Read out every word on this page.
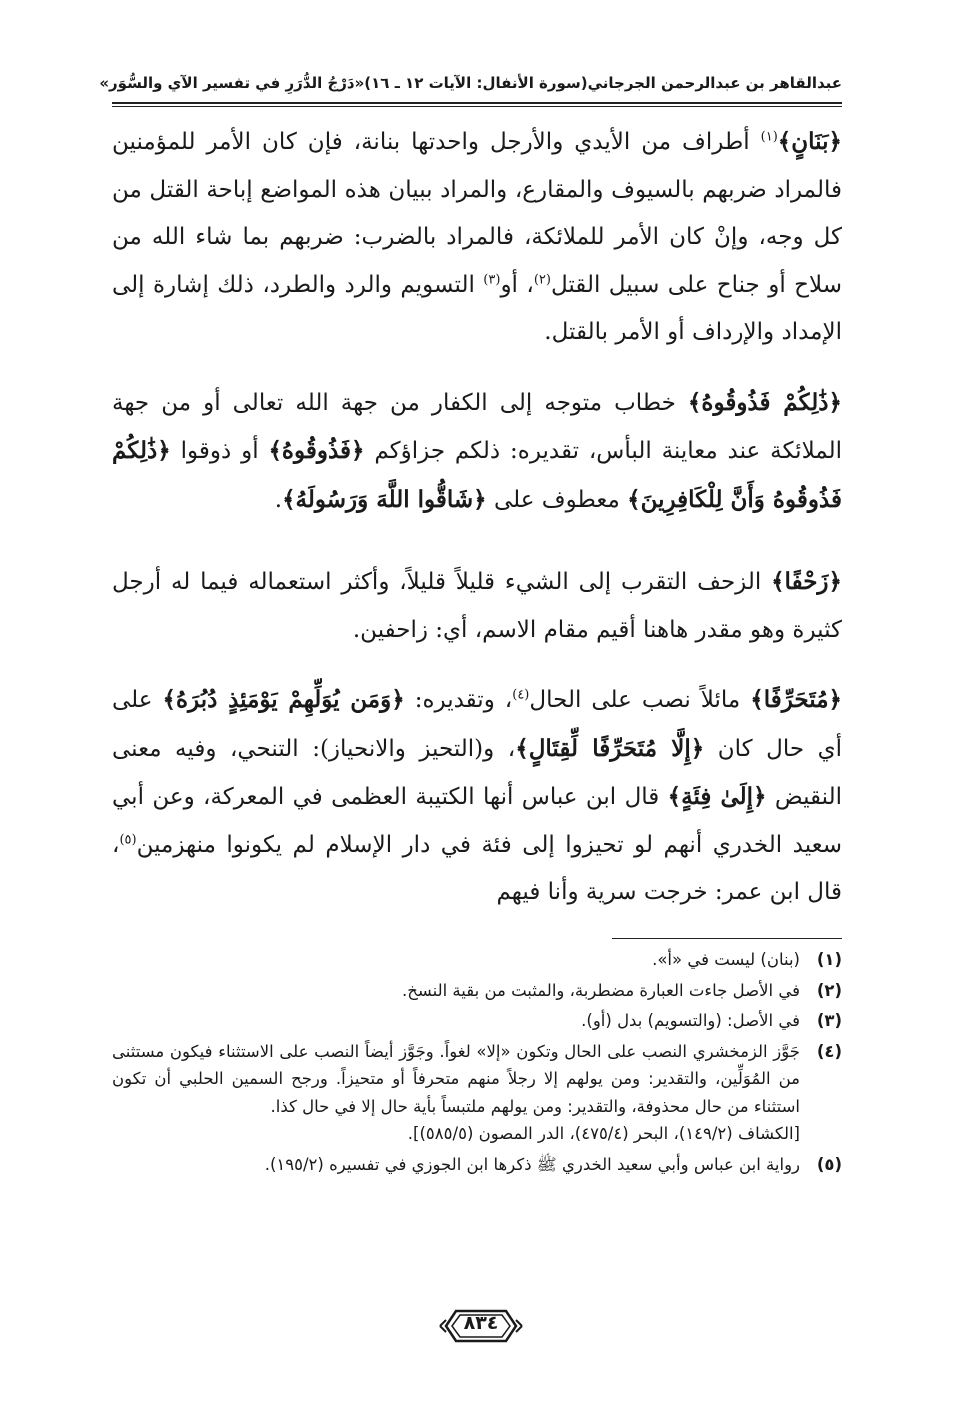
عبدالقاهر بن عبدالرحمن الجرجاني
(سورة الأنفال: الآيات ١٢ ـ ١٦)
«دَرْجُ الدُّرَرِ في تفسير الآي والسُّوَر»

﴿بَنَانٍ﴾$^{(١)}$ أطراف من الأيدي والأرجل واحدتها بنانة، فإن كان الأمر للمؤمنين فالمراد ضربهم بالسيوف والمقارع، والمراد ببيان هذه المواضع إباحة القتل من كل وجه، وإنْ كان الأمر للملائكة، فالمراد بالضرب: ضربهم بما شاء الله من سلاح أو جناح على سبيل القتل$^{(٢)}$، أو$^{(٣)}$ التسويم والرد والطرد، ذلك إشارة إلى الإمداد والإرداف أو الأمر بالقتل.

﴿ذَٰلِكُمْ فَذُوقُوهُ﴾ خطاب متوجه إلى الكفار من جهة الله تعالى أو من جهة الملائكة عند معاينة البأس، تقديره: ذلكم جزاؤكم ﴿فَذُوقُوهُ﴾ أو ذوقوا ﴿ذَٰلِكُمْ فَذُوقُوهُ وَأَنَّ لِلْكَافِرِينَ﴾ معطوف على ﴿شَاقُّوا اللَّهَ وَرَسُولَهُ﴾.

﴿زَحْفًا﴾ الزحف التقرب إلى الشيء قليلاً قليلاً، وأكثر استعماله فيما له أرجل كثيرة وهو مقدر هاهنا أقيم مقام الاسم، أي: زاحفين.

﴿مُتَحَرِّفًا﴾ مائلاً نصب على الحال$^{(٤)}$، وتقديره: ﴿وَمَن يُوَلِّهِمْ يَوْمَئِذٍ دُبُرَهُ﴾ على أي حال كان ﴿إِلَّا مُتَحَرِّفًا لِّقِتَالٍ﴾، و(التحيز والانحياز): التنحي، وفيه معنى النقيض ﴿إِلَىٰ فِئَةٍ﴾ قال ابن عباس أنها الكتيبة العظمى في المعركة، وعن أبي سعيد الخدري أنهم لو تحيزوا إلى فئة في دار الإسلام لم يكونوا منهزمين$^{(٥)}$، قال ابن عمر: خرجت سرية وأنا فيهم

(١)
(بنان) ليست في «أ».
(٢)
في الأصل جاءت العبارة مضطربة، والمثبت من بقية النسخ.
(٣)
في الأصل: (والتسويم) بدل (أو).
(٤)
جَوَّز الزمخشري النصب على الحال وتكون «إلا» لغواً. وجَوَّز أيضاً النصب على الاستثناء فيكون مستثنى من المُوَلِّين، والتقدير: ومن يولهم إلا رجلاً منهم متحرفاً أو متحيزاً. ورجح السمين الحلبي أن تكون استثناء من حال محذوفة، والتقدير: ومن يولهم ملتبساً بأية حال إلا في حال كذا.
[الكشاف (١٤٩/٢)، البحر (٤٧٥/٤)، الدر المصون (٥٨٥/٥)].
(٥)
رواية ابن عباس وأبي سعيد الخدري ﷺ ذكرها ابن الجوزي في تفسيره (١٩٥/٢).
٨٣٤
